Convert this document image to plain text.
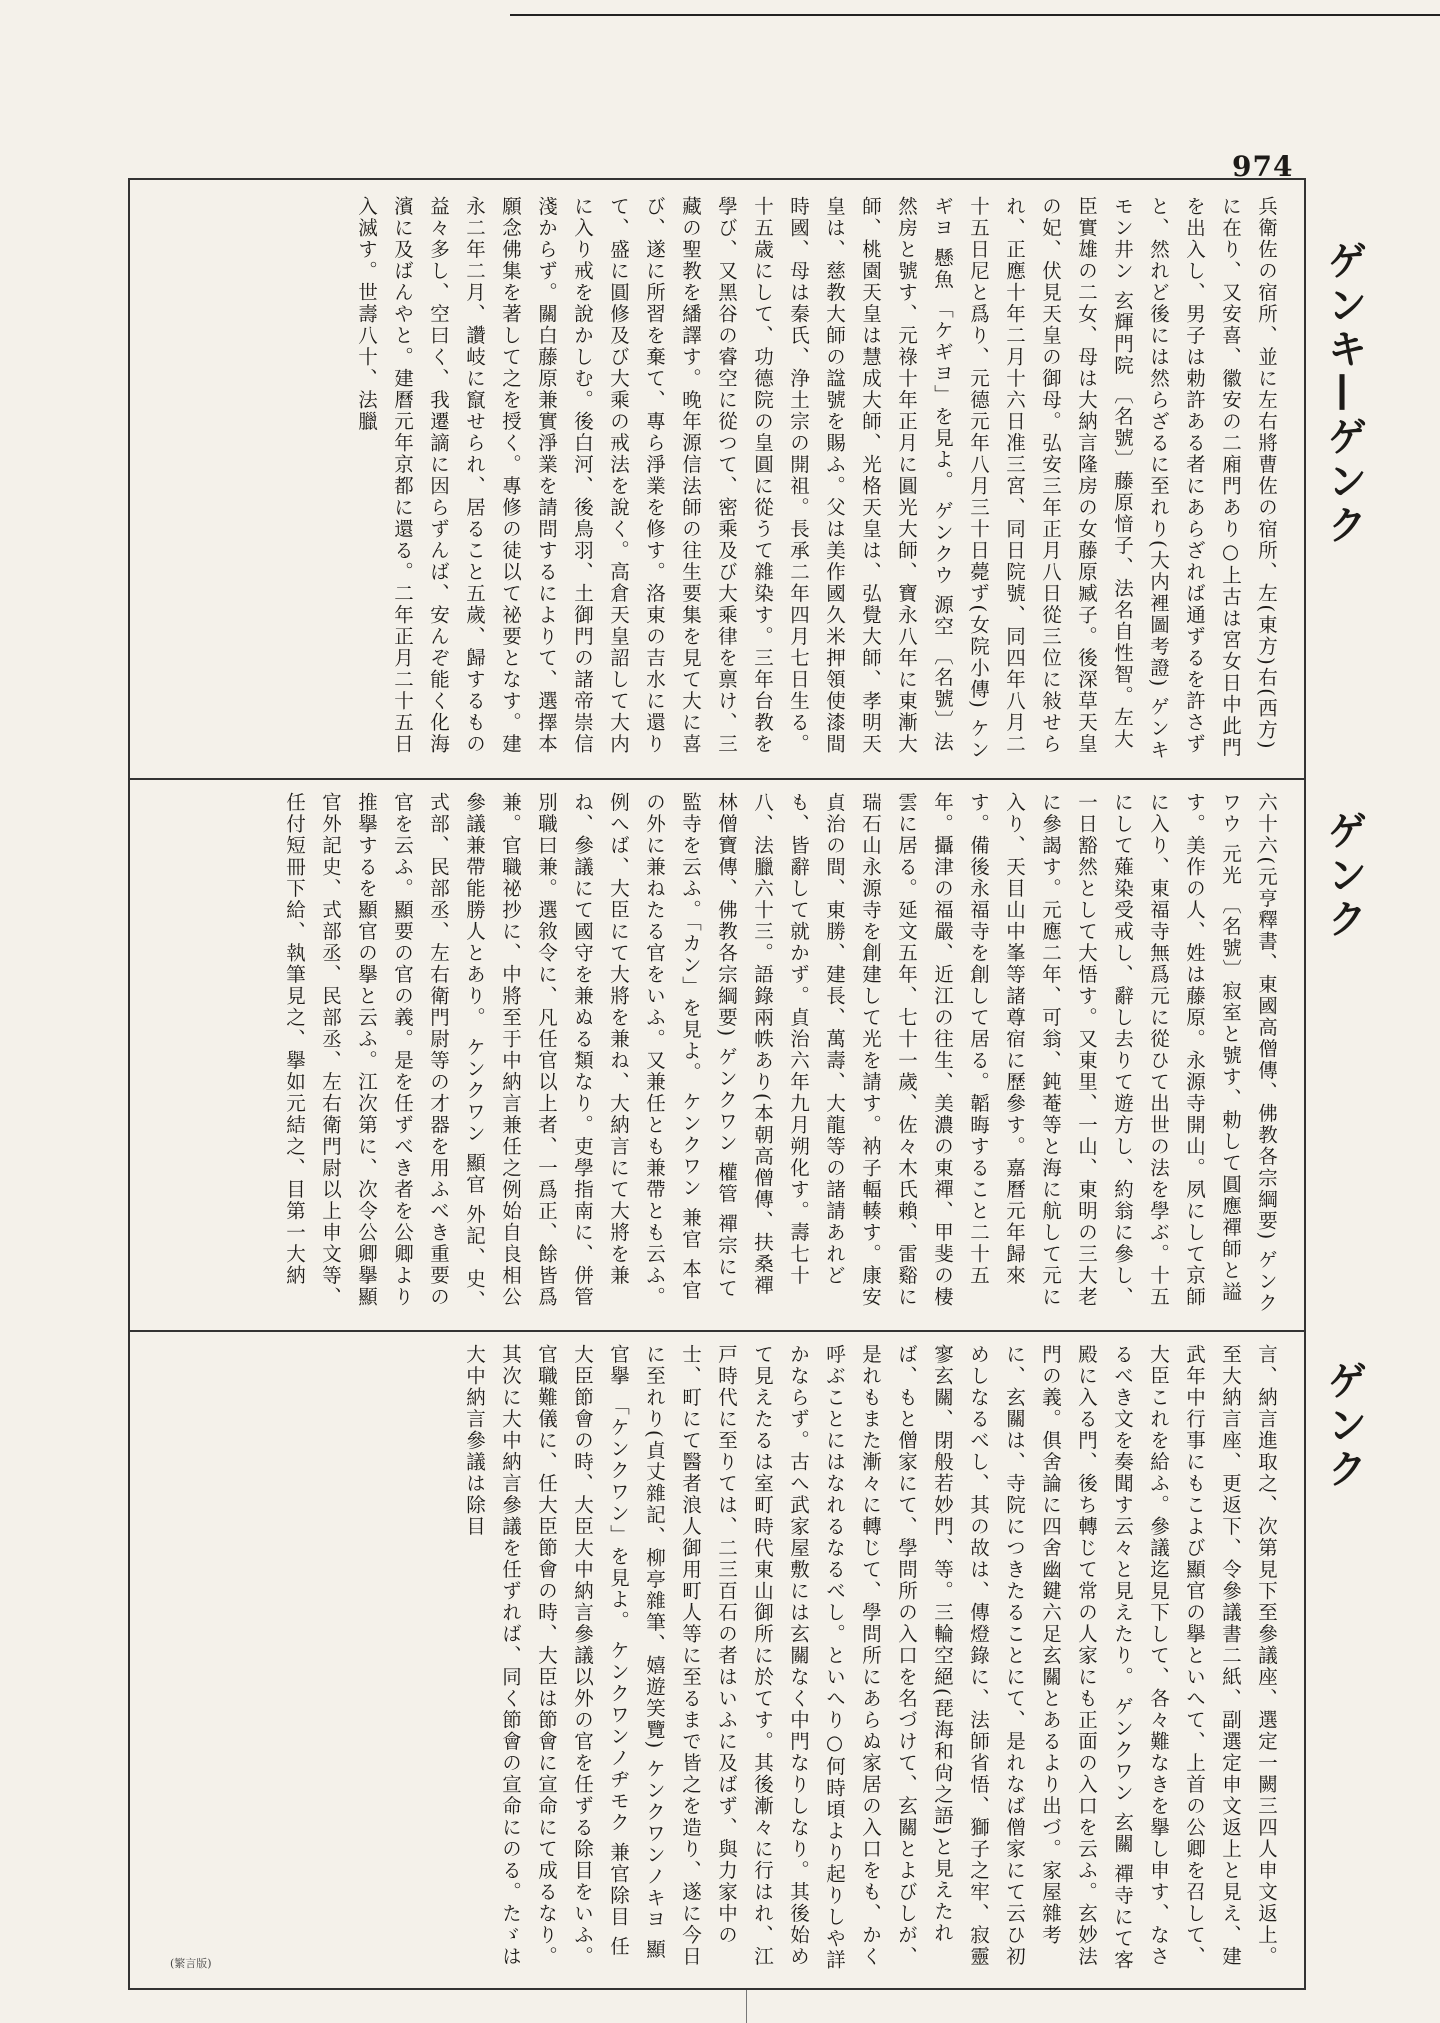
974
ゲンキ—ゲンク
ゲンク
ゲンク

兵衛佐の宿所、並に左右將曹佐の宿所、左(東方)右(西方)に在り、又安喜、徽安の二廂門あり○上古は宮女日中此門を出入し、男子は勅許ある者にあらざれば通ずるを許さずと、然れど後には然らざるに至れり(大内裡圖考證) ゲンキモン井ン 玄輝門院 〔名號〕藤原愔子、法名自性智。左大臣實雄の二女、母は大納言隆房の女藤原臧子。後深草天皇の妃、伏見天皇の御母。弘安三年正月八日從三位に敍せられ、正應十年二月十六日准三宮、同日院號、同四年八月二十五日尼と爲り、元德元年八月三十日薨ず(女院小傳) ケンギヨ 懸魚 「ケギヨ」を見よ。 ゲンクウ 源空 〔名號〕法然房と號す、元祿十年正月に圓光大師、寶永八年に東漸大師、桃園天皇は慧成大師、光格天皇は、弘覺大師、孝明天皇は、慈教大師の諡號を賜ふ。父は美作國久米押領使漆間時國、母は秦氏、浄土宗の開祖。長承二年四月七日生る。十五歳にして、功德院の皇圓に從うて雜染す。三年台教を學び、又黑谷の睿空に從つて、密乘及び大乘律を禀け、三藏の聖教を繙譯す。晚年源信法師の往生要集を見て大に喜び、遂に所習を棄て、專ら淨業を修す。洛東の吉水に還りて、盛に圓修及び大乘の戒法を說く。高倉天皇詔して大内に入り戒を說かしむ。後白河、後鳥羽、土御門の諸帝崇信淺からず。關白藤原兼實淨業を請問するによりて、選擇本願念佛集を著して之を授く。專修の徒以て祕要となす。建永二年二月、讚岐に竄せられ、居ること五歲、歸するもの益々多し、空曰く、我遷謫に因らずんば、安んぞ能く化海濱に及ばんやと。建曆元年京都に還る。二年正月二十五日入滅す。世壽八十、法臘

六十六(元亨釋書、東國高僧傳、佛教各宗綱要) ゲンクワウ 元光 〔名號〕寂室と號す、勅して圓應禪師と謚す。美作の人、姓は藤原。永源寺開山。夙にして京師に入り、東福寺無爲元に從ひて出世の法を學ぶ。十五にして薙染受戒し、辭し去りて遊方し、約翁に參し、一日豁然として大悟す。又東里、一山、東明の三大老に參謁す。元應二年、可翁、鈍菴等と海に航して元に入り、天目山中峯等諸尊宿に歷參す。嘉曆元年歸來す。備後永福寺を創して居る。韜晦すること二十五年。攝津の福嚴、近江の往生、美濃の東禪、甲斐の棲雲に居る。延文五年、七十一歲、佐々木氏賴、雷谿に瑞石山永源寺を創建して光を請す。衲子輻輳す。康安貞治の間、東勝、建長、萬壽、大龍等の諸請あれども、皆辭して就かず。貞治六年九月朔化す。壽七十八、法臘六十三。語錄兩帙あり(本朝高僧傳、扶桑禪林僧寶傳、佛教各宗綱要) ゲンクワン 權管 禪宗にて監寺を云ふ。「カン」を見よ。 ケンクワン 兼官 本官の外に兼ねたる官をいふ。又兼任とも兼帶とも云ふ。例へば、大臣にて大將を兼ね、大納言にて大將を兼ね、參議にて國守を兼ぬる類なり。吏學指南に、併管別職曰兼。選敘令に、凡任官以上者、一爲正、餘皆爲兼。官職祕抄に、中將至于中納言兼任之例始自良相公參議兼帶能勝人とあり。 ケンクワン 顯官 外記、史、式部、民部丞、左右衛門尉等の才器を用ふべき重要の官を云ふ。顯要の官の義。是を任ずべき者を公卿より推擧するを顯官の擧と云ふ。江次第に、次令公卿擧顯官外記史、式部丞、民部丞、左右衛門尉以上申文等、任付短冊下給、執筆見之、擧如元結之、目第一大納

言、納言進取之、次第見下至參議座、選定一闕三四人申文返上。至大納言座、更返下、令參議書二紙、副選定申文返上と見え、建武年中行事にもこよび顯官の擧といへて、上首の公卿を召して、大臣これを給ふ。參議迄見下して、各々難なきを擧し申す、なさるべき文を奏聞す云々と見えたり。 ゲンクワン 玄關 禪寺にて客殿に入る門、後ち轉じて常の人家にも正面の入口を云ふ。玄妙法門の義。俱舍論に四舍幽鍵六足玄關とあるより出づ。家屋雜考に、玄關は、寺院につきたることにて、是れなば僧家にて云ひ初めしなるべし、其の故は、傳燈錄に、法師省悟、獅子之牢、寂靈寥玄關、閉般若妙門、等。三輪空絕(琵海和尙之語)と見えたれば、もと僧家にて、學問所の入口を名づけて、玄關とよびしが、是れもまた漸々に轉じて、學問所にあらぬ家居の入口をも、かく呼ぶことにはなれるなるべし。といへり○何時頃より起りしや詳かならず。古へ武家屋敷には玄關なく中門なりしなり。其後始めて見えたるは室町時代東山御所に於てす。其後漸々に行はれ、江戸時代に至りては、二三百石の者はいふに及ばず、與力家中の士、町にて醫者浪人御用町人等に至るまで皆之を造り、遂に今日に至れり(貞丈雜記、柳亭雜筆、嬉遊笑覽) ケンクワンノキヨ 顯官擧 「ケンクワン」を見よ。 ケンクワンノヂモク 兼官除目 任大臣節會の時、大臣大中納言參議以外の官を任ずる除目をいふ。官職難儀に、任大臣節會の時、大臣は節會に宣命にて成るなり。其次に大中納言參議を任ずれば、同く節會の宣命にのる。たゞは大中納言參議は除目

(繁言版)
